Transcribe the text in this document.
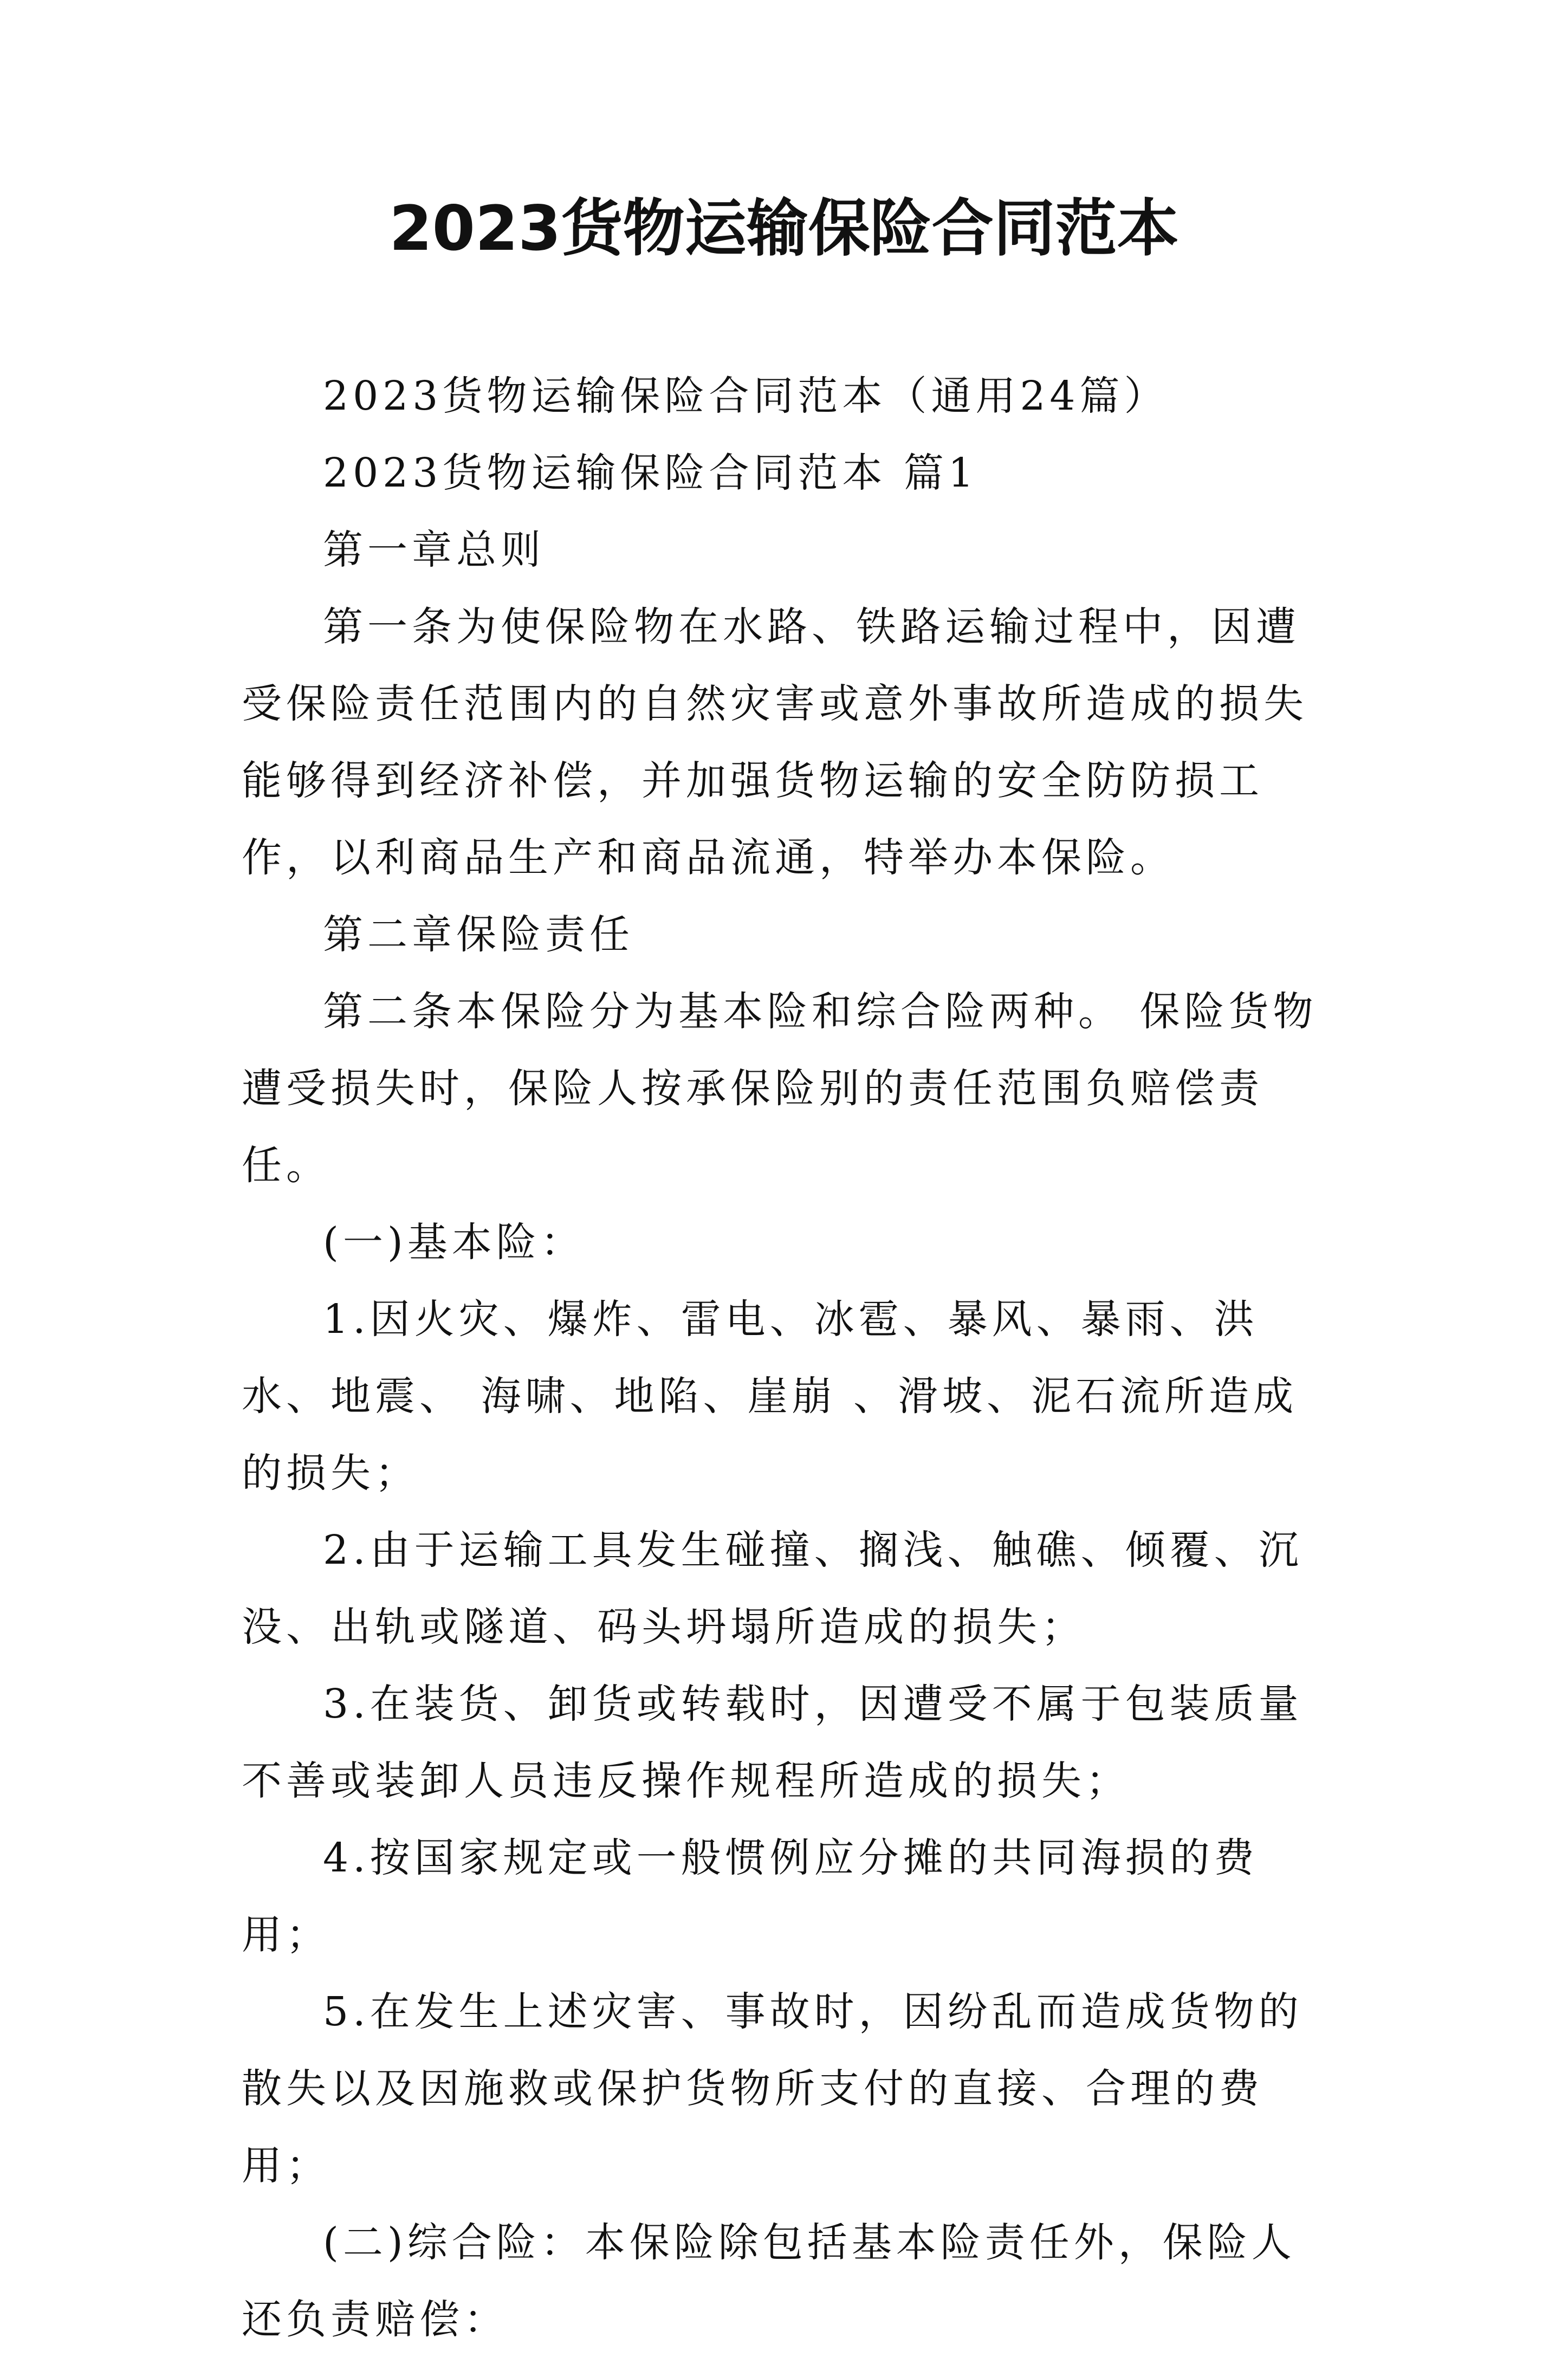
2023货物运输保险合同范本

2023货物运输保险合同范本（通用24篇）

2023货物运输保险合同范本 篇1

第一章总则

第一条为使保险物在水路、铁路运输过程中，因遭受保险责任范围内的自然灾害或意外事故所造成的损失能够得到经济补偿，并加强货物运输的安全防防损工作，以利商品生产和商品流通，特举办本保险。

第二章保险责任

第二条本保险分为基本险和综合险两种。 保险货物遭受损失时，保险人按承保险别的责任范围负赔偿责任。

(一)基本险：

1.因火灾、爆炸、雷电、冰雹、暴风、暴雨、洪水、地震、 海啸、地陷、崖崩 、滑坡、泥石流所造成的损失；

2.由于运输工具发生碰撞、搁浅、触礁、倾覆、沉没、出轨或隧道、码头坍塌所造成的损失；

3.在装货、卸货或转载时，因遭受不属于包装质量不善或装卸人员违反操作规程所造成的损失；

4.按国家规定或一般惯例应分摊的共同海损的费用；

5.在发生上述灾害、事故时，因纷乱而造成货物的散失以及因施救或保护货物所支付的直接、合理的费用；

(二)综合险：本保险除包括基本险责任外，保险人还负责赔偿：
